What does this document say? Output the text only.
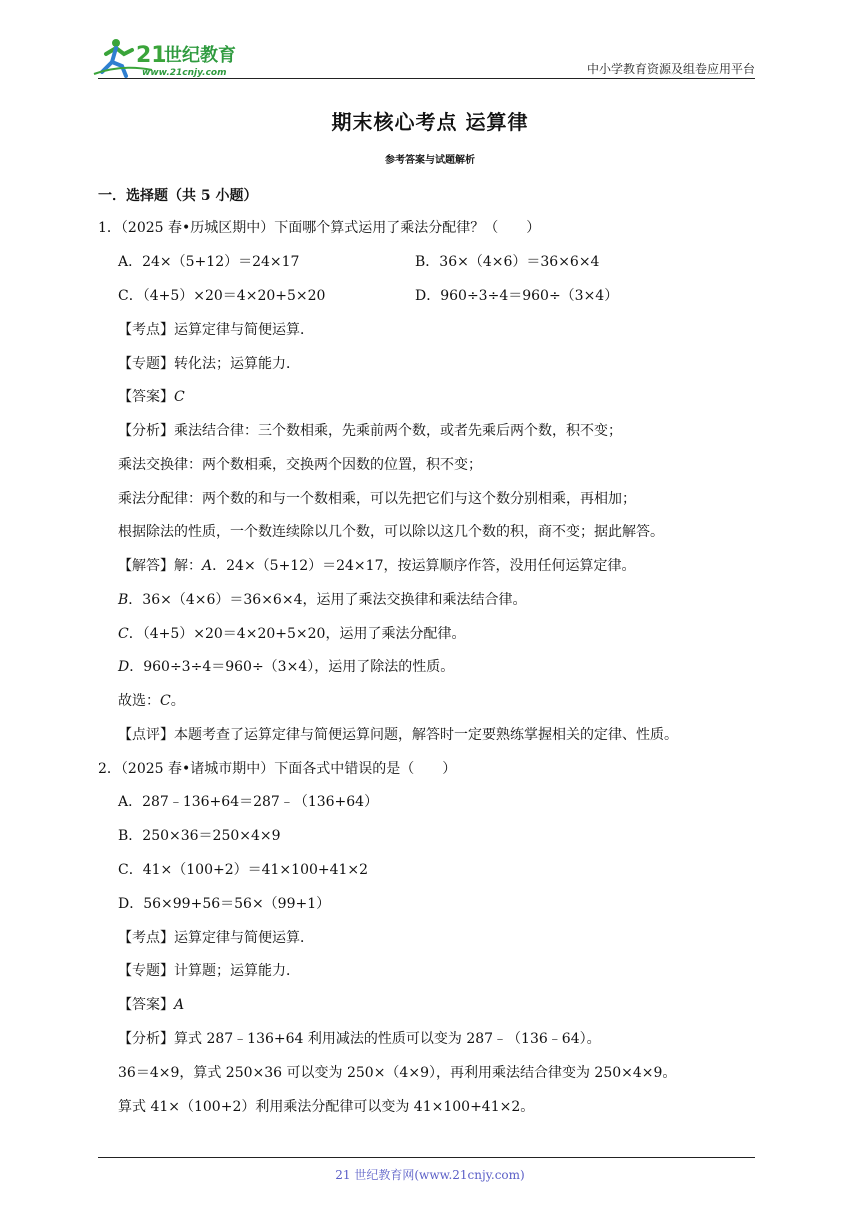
21
世纪教育
www.21cnjy.com	中小学教育资源及组卷应用平台
期末核心考点 运算律
参考答案与试题解析
一．选择题（共 5 小题）
1．（2025 春•历城区期中）下面哪个算式运用了乘法分配律？（　　）
A．24×（5+12）＝24×17	B．36×（4×6）＝36×6×4
C．（4+5）×20＝4×20+5×20	D．960÷3÷4＝960÷（3×4）
【考点】运算定律与简便运算．
【专题】转化法；运算能力．
【答案】C
【分析】乘法结合律：三个数相乘，先乘前两个数，或者先乘后两个数，积不变；
乘法交换律：两个数相乘，交换两个因数的位置，积不变；
乘法分配律：两个数的和与一个数相乘，可以先把它们与这个数分别相乘，再相加；
根据除法的性质，一个数连续除以几个数，可以除以这几个数的积，商不变；据此解答。
【解答】解：A．24×（5+12）＝24×17，按运算顺序作答，没用任何运算定律。
B．36×（4×6）＝36×6×4，运用了乘法交换律和乘法结合律。
C．（4+5）×20＝4×20+5×20，运用了乘法分配律。
D．960÷3÷4＝960÷（3×4），运用了除法的性质。
故选：C。
【点评】本题考查了运算定律与简便运算问题，解答时一定要熟练掌握相关的定律、性质。
2．（2025 春•诸城市期中）下面各式中错误的是（　　）
A．287﹣136+64＝287﹣（136+64）
B．250×36＝250×4×9
C．41×（100+2）＝41×100+41×2
D．56×99+56＝56×（99+1）
【考点】运算定律与简便运算．
【专题】计算题；运算能力．
【答案】A
【分析】算式 287﹣136+64 利用减法的性质可以变为 287﹣（136﹣64）。
36＝4×9，算式 250×36 可以变为 250×（4×9），再利用乘法结合律变为 250×4×9。
算式 41×（100+2）利用乘法分配律可以变为 41×100+41×2。
21 世纪教育网(www.21cnjy.com)
